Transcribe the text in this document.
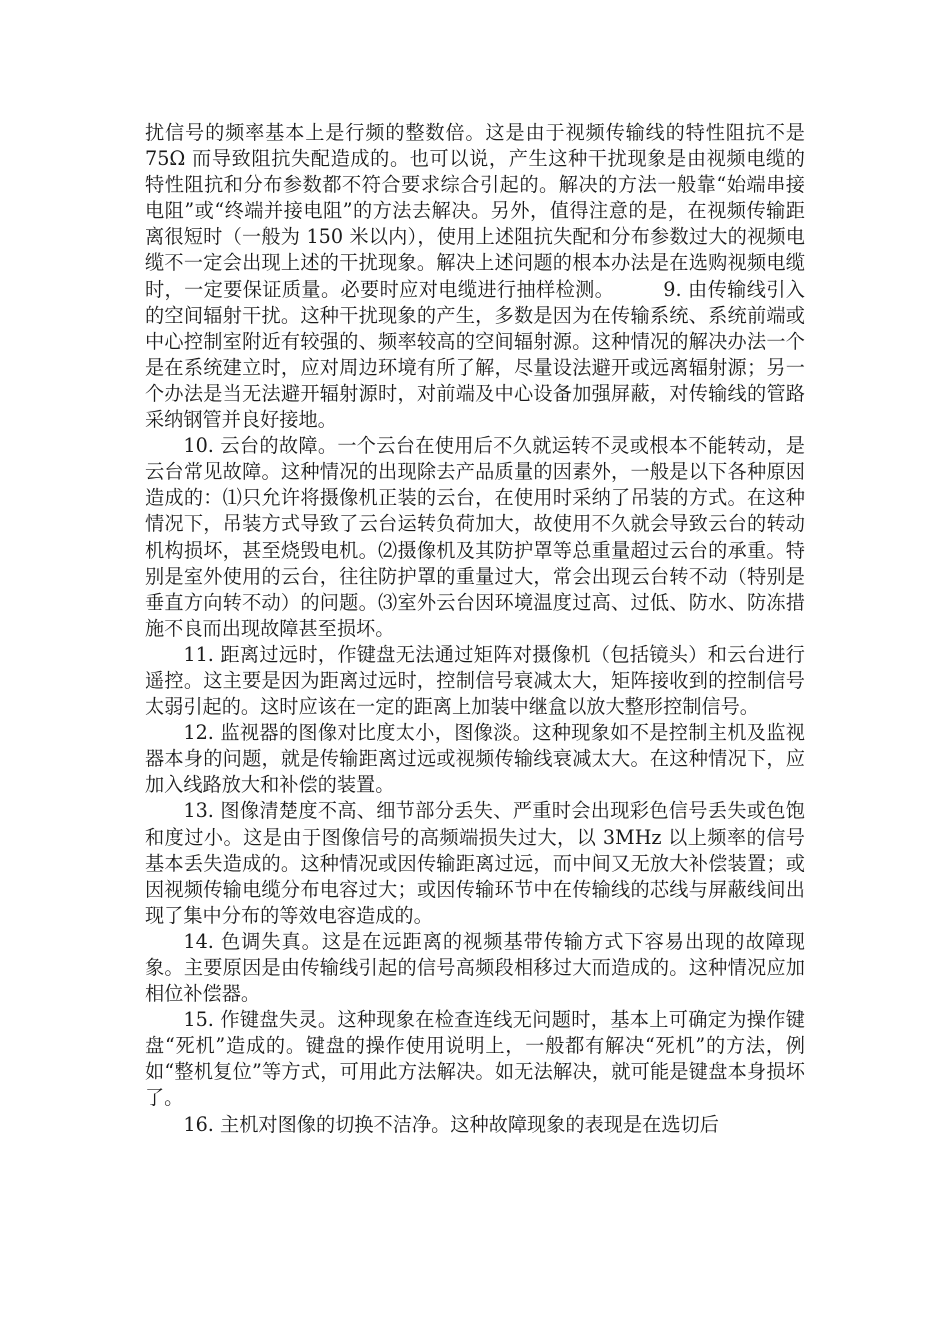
扰信号的频率基本上是行频的整数倍。这是由于视频传输线的特性阻抗不是 75Ω 而导致阻抗失配造成的。也可以说，产生这种干扰现象是由视频电缆的特性阻抗和分布参数都不符合要求综合引起的。解决的方法一般靠“始端串接电阻”或“终端并接电阻”的方法去解决。另外，值得注意的是，在视频传输距离很短时（一般为 150 米以内），使用上述阻抗失配和分布参数过大的视频电缆不一定会出现上述的干扰现象。解决上述问题的根本办法是在选购视频电缆时，一定要保证质量。必要时应对电缆进行抽样检测。　　　9. 由传输线引入的空间辐射干扰。这种干扰现象的产生，多数是因为在传输系统、系统前端或中心控制室附近有较强的、频率较高的空间辐射源。这种情况的解决办法一个是在系统建立时，应对周边环境有所了解，尽量设法避开或远离辐射源；另一个办法是当无法避开辐射源时，对前端及中心设备加强屏蔽，对传输线的管路采纳钢管并良好接地。

10. 云台的故障。一个云台在使用后不久就运转不灵或根本不能转动，是云台常见故障。这种情况的出现除去产品质量的因素外，一般是以下各种原因造成的：⑴只允许将摄像机正装的云台，在使用时采纳了吊装的方式。在这种情况下，吊装方式导致了云台运转负荷加大，故使用不久就会导致云台的转动机构损坏，甚至烧毁电机。⑵摄像机及其防护罩等总重量超过云台的承重。特别是室外使用的云台，往往防护罩的重量过大，常会出现云台转不动（特别是垂直方向转不动）的问题。⑶室外云台因环境温度过高、过低、防水、防冻措施不良而出现故障甚至损坏。

11. 距离过远时，作键盘无法通过矩阵对摄像机（包括镜头）和云台进行遥控。这主要是因为距离过远时，控制信号衰减太大，矩阵接收到的控制信号太弱引起的。这时应该在一定的距离上加装中继盒以放大整形控制信号。

12. 监视器的图像对比度太小，图像淡。这种现象如不是控制主机及监视器本身的问题，就是传输距离过远或视频传输线衰减太大。在这种情况下，应加入线路放大和补偿的装置。

13. 图像清楚度不高、细节部分丢失、严重时会出现彩色信号丢失或色饱和度过小。这是由于图像信号的高频端损失过大，以 3MHz 以上频率的信号基本丢失造成的。这种情况或因传输距离过远，而中间又无放大补偿装置；或因视频传输电缆分布电容过大；或因传输环节中在传输线的芯线与屏蔽线间出现了集中分布的等效电容造成的。

14. 色调失真。这是在远距离的视频基带传输方式下容易出现的故障现象。主要原因是由传输线引起的信号高频段相移过大而造成的。这种情况应加相位补偿器。

15. 作键盘失灵。这种现象在检查连线无问题时，基本上可确定为操作键盘“死机”造成的。键盘的操作使用说明上，一般都有解决“死机”的方法，例如“整机复位”等方式，可用此方法解决。如无法解决，就可能是键盘本身损坏了。

16. 主机对图像的切换不洁净。这种故障现象的表现是在选切后
